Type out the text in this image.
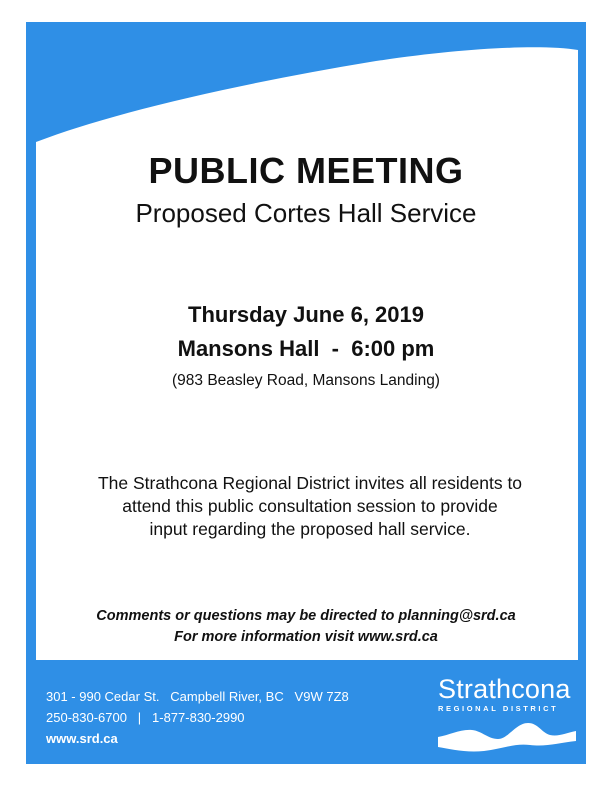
PUBLIC MEETING
Proposed Cortes Hall Service
Thursday June 6, 2019
Mansons Hall  -  6:00 pm
(983 Beasley Road, Mansons Landing)
The Strathcona Regional District invites all residents to
attend this public consultation session to provide
input regarding the proposed hall service.
Comments or questions may be directed to planning@srd.ca
For more information visit www.srd.ca
301 - 990 Cedar St.   Campbell River, BC   V9W 7Z8
250-830-6700   |   1-877-830-2990
www.srd.ca
Strathcona
REGIONAL DISTRICT
